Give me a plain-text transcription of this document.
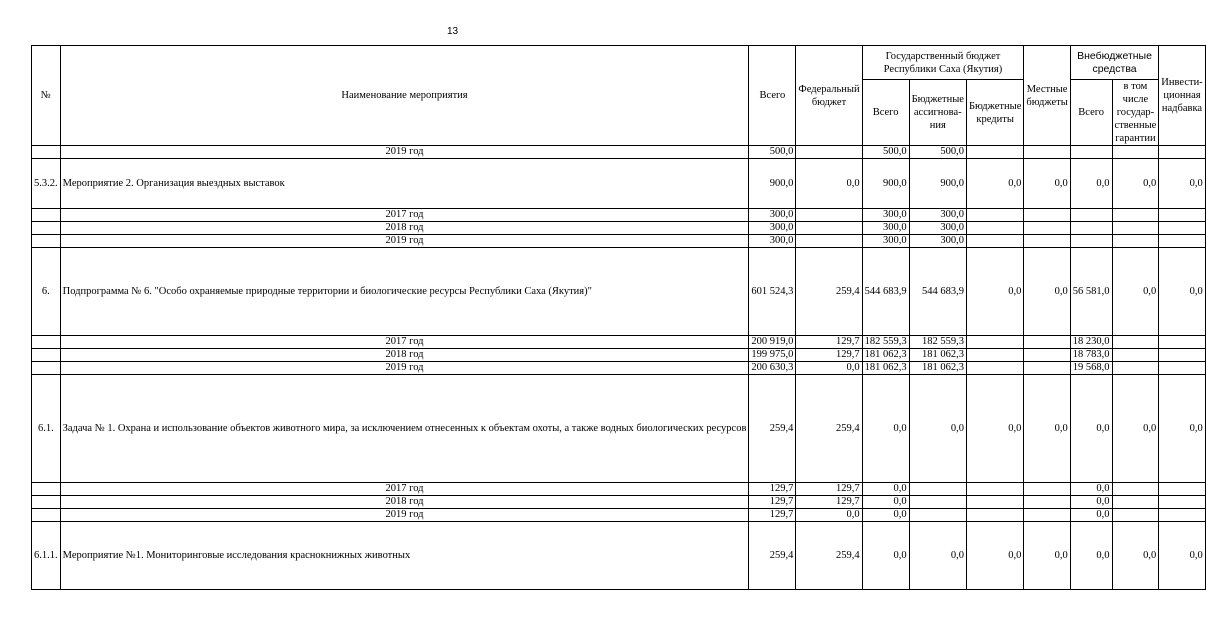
13
№	Наименование мероприятия	Всего	Федеральный бюджет	Государственный бюджет Республики Саха (Якутия)			Местные бюджеты	Внебюджетные средства		Инвести-ционная надбавка
				Всего	Бюджетные ассигнова-ния	Бюджетные кредиты		Всего	в том числе государ-ственные гарантии	
	2019 год	500,0		500,0	500,0					
5.3.2.	Мероприятие 2. Организация выездных выставок	900,0	0,0	900,0	900,0	0,0	0,0	0,0	0,0	0,0
	2017 год	300,0		300,0	300,0					
	2018 год	300,0		300,0	300,0					
	2019 год	300,0		300,0	300,0					
6.	Подпрограмма № 6. "Особо охраняемые природные территории и биологические ресурсы Республики Саха (Якутия)"	601 524,3	259,4	544 683,9	544 683,9	0,0	0,0	56 581,0	0,0	0,0
	2017 год	200 919,0	129,7	182 559,3	182 559,3			18 230,0		
	2018 год	199 975,0	129,7	181 062,3	181 062,3			18 783,0		
	2019 год	200 630,3	0,0	181 062,3	181 062,3			19 568,0		
6.1.	Задача № 1. Охрана и использование объектов животного мира, за исключением отнесенных к объектам охоты, а также водных биологических ресурсов	259,4	259,4	0,0	0,0	0,0	0,0	0,0	0,0	0,0
	2017 год	129,7	129,7	0,0				0,0		
	2018 год	129,7	129,7	0,0				0,0		
	2019 год	129,7	0,0	0,0				0,0		
6.1.1.	Мероприятие №1. Мониторинговые исследования краснокнижных животных	259,4	259,4	0,0	0,0	0,0	0,0	0,0	0,0	0,0
